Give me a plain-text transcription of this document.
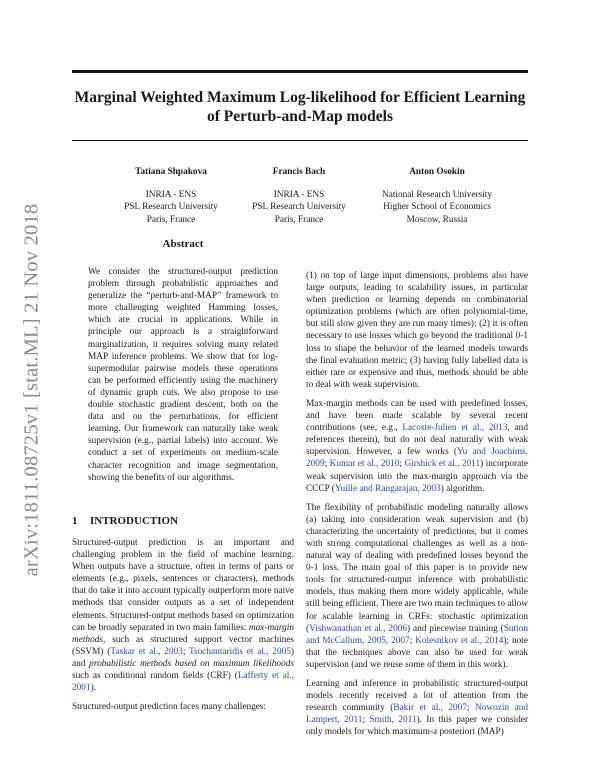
Marginal Weighted Maximum Log-likelihood for Efficient Learning of Perturb-and-Map models
arXiv:1811.08725v1 [stat.ML] 21 Nov 2018
Tatiana Shpakova
INRIA - ENS
PSL Research University
Paris, France
Francis Bach
INRIA - ENS
PSL Research University
Paris, France
Anton Osokin
National Research University
Higher School of Economics
Moscow, Russia
Abstract
We consider the structured-output prediction problem through probabilistic approaches and generalize the “perturb-and-MAP” framework to more challenging weighted Hamming losses, which are crucial in applications. While in principle our approach is a straightforward marginalization, it requires solving many related MAP inference problems. We show that for log-supermodular pairwise models these operations can be performed efficiently using the machinery of dynamic graph cuts. We also propose to use double stochastic gradient descent, both on the data and on the perturbations, for efficient learning. Our framework can naturally take weak supervision (e.g., partial labels) into account. We conduct a set of experiments on medium-scale character recognition and image segmentation, showing the benefits of our algorithms.
1 INTRODUCTION

Structured-output prediction is an important and challenging problem in the field of machine learning. When outputs have a structure, often in terms of parts or elements (e.g., pixels, sentences or characters), methods that do take it into account typically outperform more naive methods that consider outputs as a set of independent elements. Structured-output methods based on optimization can be broadly separated in two main families: max-margin methods, such as structured support vector machines (SSVM) (Taskar et al., 2003; Tsochantaridis et al., 2005) and probabilistic methods based on maximum likelihoods such as conditional random fields (CRF) (Lafferty et al., 2001).

Structured-output prediction faces many challenges:

(1) on top of large input dimensions, problems also have large outputs, leading to scalability issues, in particular when prediction or learning depends on combinatorial optimization problems (which are often polynomial-time, but still slow given they are run many times); (2) it is often necessary to use losses which go beyond the traditional 0-1 loss to shape the behavior of the learned models towards the final evaluation metric; (3) having fully labelled data is either rare or expensive and thus, methods should be able to deal with weak supervision.

Max-margin methods can be used with predefined losses, and have been made scalable by several recent contributions (see, e.g., Lacoste-Julien et al., 2013, and references therein), but do not deal naturally with weak supervision. However, a few works (Yu and Joachims, 2009; Kumar et al., 2010; Girshick et al., 2011) incorporate weak supervision into the max-margin approach via the CCCP (Yuille and Rangarajan, 2003) algorithm.

The flexibility of probabilistic modeling naturally allows (a) taking into consideration weak supervision and (b) characterizing the uncertainty of predictions, but it comes with strong computational challenges as well as a non-natural way of dealing with predefined losses beyond the 0-1 loss. The main goal of this paper is to provide new tools for structured-output inference with probabilistic models, thus making them more widely applicable, while still being efficient. There are two main techniques to allow for scalable learning in CRFs: stochastic optimization (Vishwanathan et al., 2006) and piecewise training (Sutton and McCallum, 2005, 2007; Kolesnikov et al., 2014); note that the techniques above can also be used for weak supervision (and we reuse some of them in this work).

Learning and inference in probabilistic structured-output models recently received a lot of attention from the research community (Bakir et al., 2007; Nowozin and Lampert, 2011; Smith, 2011). In this paper we consider only models for which maximum-a posteriori (MAP)
